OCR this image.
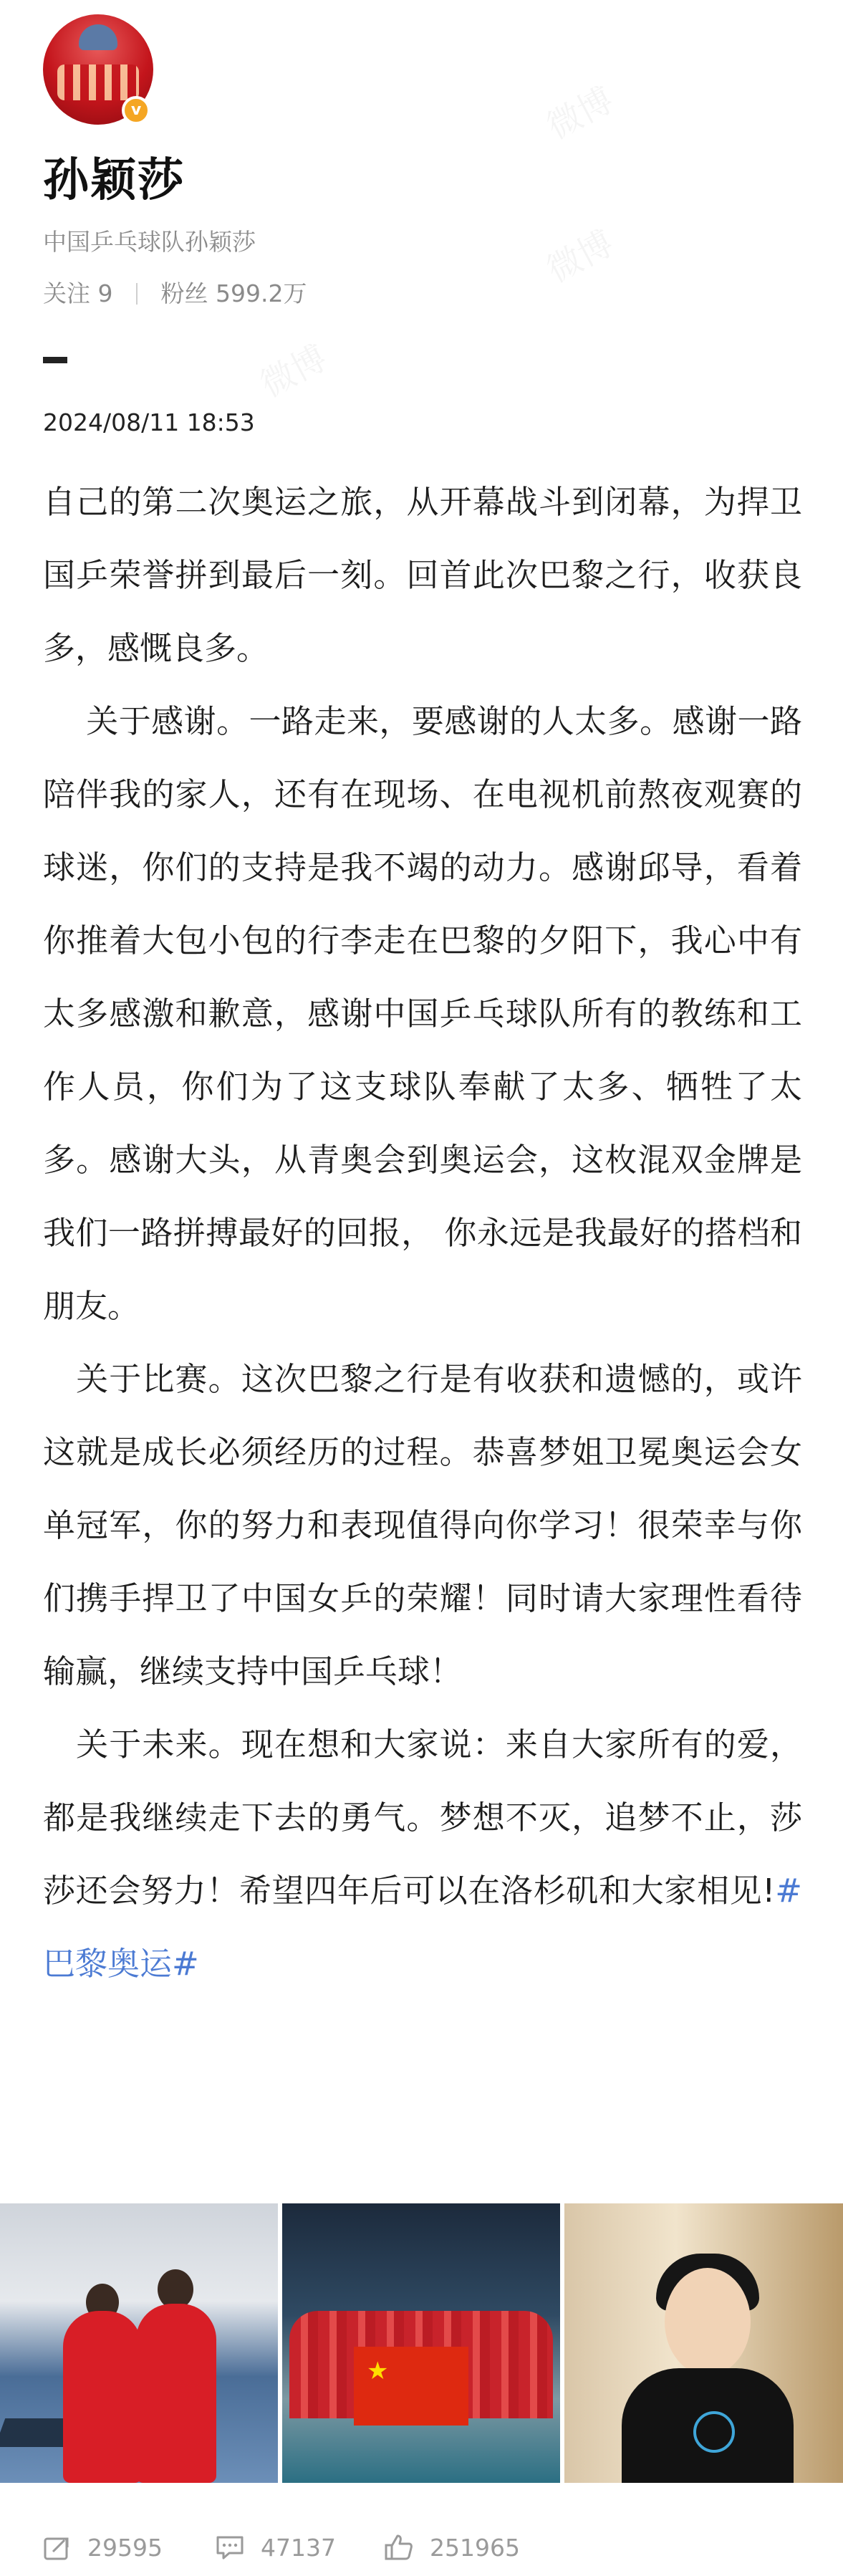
v
孙颖莎
中国乒乓球队孙颖莎
关注 9 粉丝 599.2万
2024/08/11 18:53

自己的第二次奥运之旅，从开幕战斗到闭幕，为捍卫国乒荣誉拼到最后一刻。回首此次巴黎之行，收获良多，感慨良多。

　 关于感谢。一路走来，要感谢的人太多。感谢一路陪伴我的家人，还有在现场、在电视机前熬夜观赛的球迷，你们的支持是我不竭的动力。感谢邱导，看着你推着大包小包的行李走在巴黎的夕阳下，我心中有太多感激和歉意，感谢中国乒乓球队所有的教练和工作人员，你们为了这支球队奉献了太多、牺牲了太多。感谢大头，从青奥会到奥运会，这枚混双金牌是我们一路拼搏最好的回报， 你永远是我最好的搭档和朋友。

　关于比赛。这次巴黎之行是有收获和遗憾的，或许这就是成长必须经历的过程。恭喜梦姐卫冕奥运会女单冠军，你的努力和表现值得向你学习！很荣幸与你们携手捍卫了中国女乒的荣耀！同时请大家理性看待输赢，继续支持中国乒乓球！

　关于未来。现在想和大家说：来自大家所有的爱，都是我继续走下去的勇气。梦想不灭，追梦不止，莎莎还会努力！希望四年后可以在洛杉矶和大家相见!#巴黎奥运#

★
29595	47137	251965
